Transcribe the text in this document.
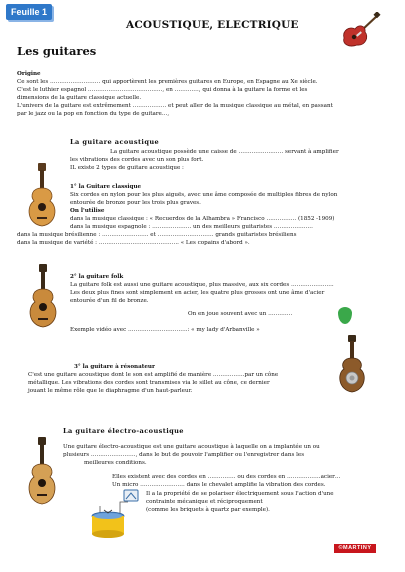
Feuille 1
ACOUSTIQUE, ELECTRIQUE
Les guitares
Origine
Ce sont les ……………………… qui apportèrent les premières guitares en Europe, en Espagne au Xe siècle.
C'est le luthier espagnol …………………………………., en …………., qui donna à la guitare la forme et les
dimensions de la guitare classique actuelle.
L'univers de la guitare est extrêmement ……………… et peut aller de la musique classique au métal, en passant
par le jazz ou la pop en fonction du type de guitare…,
La guitare acoustique
La guitare acoustique possède une caisse de …………………… servant à amplifier
les vibrations des cordes avec un son plus fort.
IL existe 2 types de guitare acoustique :
1° la Guitare classique
Six cordes en nylon pour les plus aiguës, avec une âme composée de multiples fibres de nylon
entourée de bronze pour les trois plus graves.
On l'utilise
dans la musique classique : « Recuerdos de la Alhambra » Francisco ……………. (1852 -1909)
dans la musique espagnole : ………………… un des meilleurs guitaristes …………………
dans la musique brésilienne : ……………………. et ………………………… grands guitaristes brésiliens
dans la musique de variété : ……………………………………. « Les copains d'abord ».
2° la guitare folk
La guitare folk est aussi une guitare acoustique, plus massive, aux six cordes …………………..
Les deux plus fines sont simplement en acier, les quatre plus grosses ont une âme d'acier
entourée d'un fil de bronze.
On en joue souvent avec un ………….
Exemple vidéo avec …………………………..: « my lady d'Arbanville »
3° la guitare à résonateur
C'est une guitare acoustique dont le son est amplifié de manière ……………..par un cône
métallique. Les vibrations des cordes sont transmises via le sillet au cône, ce dernier
jouant le même rôle que le diaphragme d'un haut-parleur.
La guitare électro-acoustique
Une guitare électro-acoustique est une guitare acoustique à laquelle on a implantée un ou
plusieurs ……………………, dans le but de pouvoir l'amplifier ou l'enregistrer dans les
meilleures conditions.
Elles existent avec des cordes en …………… ou des cordes en ………………acier…
Un micro …………………… dans le chevalet amplifie la vibration des cordes.
Il a la propriété de se polariser électriquement sous l'action d'une
contrainte mécanique et réciproquement
(comme les briquets à quartz par exemple).
©MARTINY
